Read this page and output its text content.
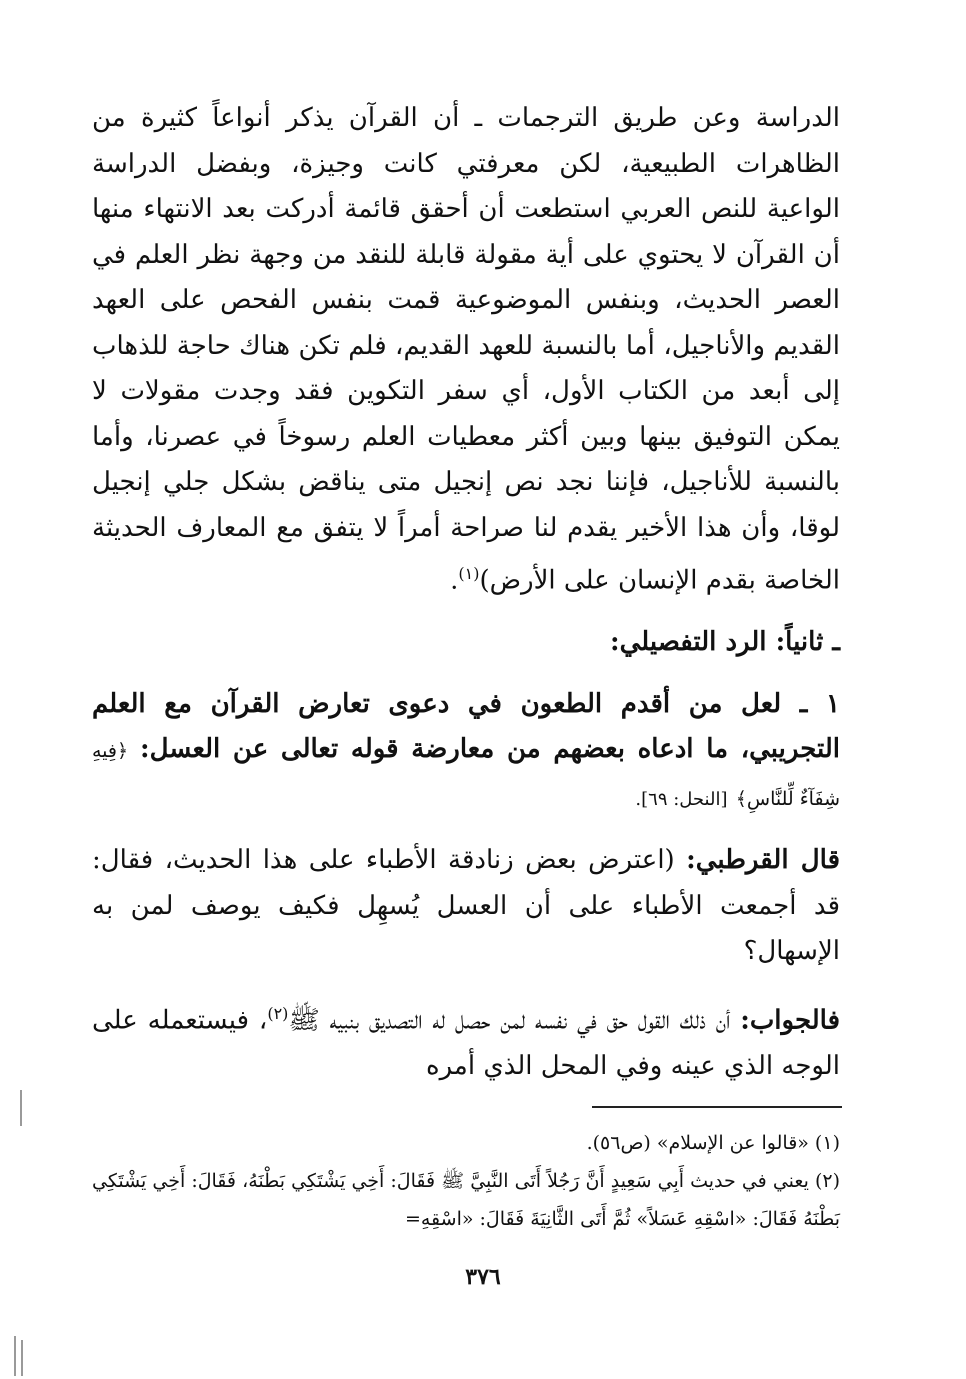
الدراسة وعن طريق الترجمات ـ أن القرآن يذكر أنواعاً كثيرة من الظاهرات الطبيعية، لكن معرفتي كانت وجيزة، وبفضل الدراسة الواعية للنص العربي استطعت أن أحقق قائمة أدركت بعد الانتهاء منها أن القرآن لا يحتوي على أية مقولة قابلة للنقد من وجهة نظر العلم في العصر الحديث، وبنفس الموضوعية قمت بنفس الفحص على العهد القديم والأناجيل، أما بالنسبة للعهد القديم، فلم تكن هناك حاجة للذهاب إلى أبعد من الكتاب الأول، أي سفر التكوين فقد وجدت مقولات لا يمكن التوفيق بينها وبين أكثر معطيات العلم رسوخاً في عصرنا، وأما بالنسبة للأناجيل، فإننا نجد نص إنجيل متى يناقض بشكل جلي إنجيل لوقا، وأن هذا الأخير يقدم لنا صراحة أمراً لا يتفق مع المعارف الحديثة الخاصة بقدم الإنسان على الأرض)$^{(١)}$.

ـ ثانياً: الرد التفصيلي:

١ ـ لعل من أقدم الطعون في دعوى تعارض القرآن مع العلم التجريبي، ما ادعاه بعضهم من معارضة قوله تعالى عن العسل: ﴿فِيهِ شِفَآءٌ لِّلنَّاسِ﴾ [النحل: ٦٩].

قال القرطبي: (اعترض بعض زنادقة الأطباء على هذا الحديث، فقال: قد أجمعت الأطباء على أن العسل يُسهِل فكيف يوصف لمن به الإسهال؟

فالجواب: أن ذلك القول حق في نفسه لمن حصل له التصديق بنبيه ﷺ$^{(٢)}$، فيستعمله على الوجه الذي عينه وفي المحل الذي أمره

(١) «قالوا عن الإسلام» (ص٥٦).

(٢) يعني في حديث أَبِي سَعِيدٍ أَنَّ رَجُلاً أَتَى النَّبِيَّ ﷺ فَقَالَ: أَخِي يَشْتَكِي بَطْنَهُ، فَقَالَ: أَخِي يَشْتَكِي بَطْنَهُ فَقَالَ: «اسْقِهِ عَسَلاً» ثُمَّ أَتَى الثَّانِيَةَ فَقَالَ: «اسْقِهِ=

٣٧٦
